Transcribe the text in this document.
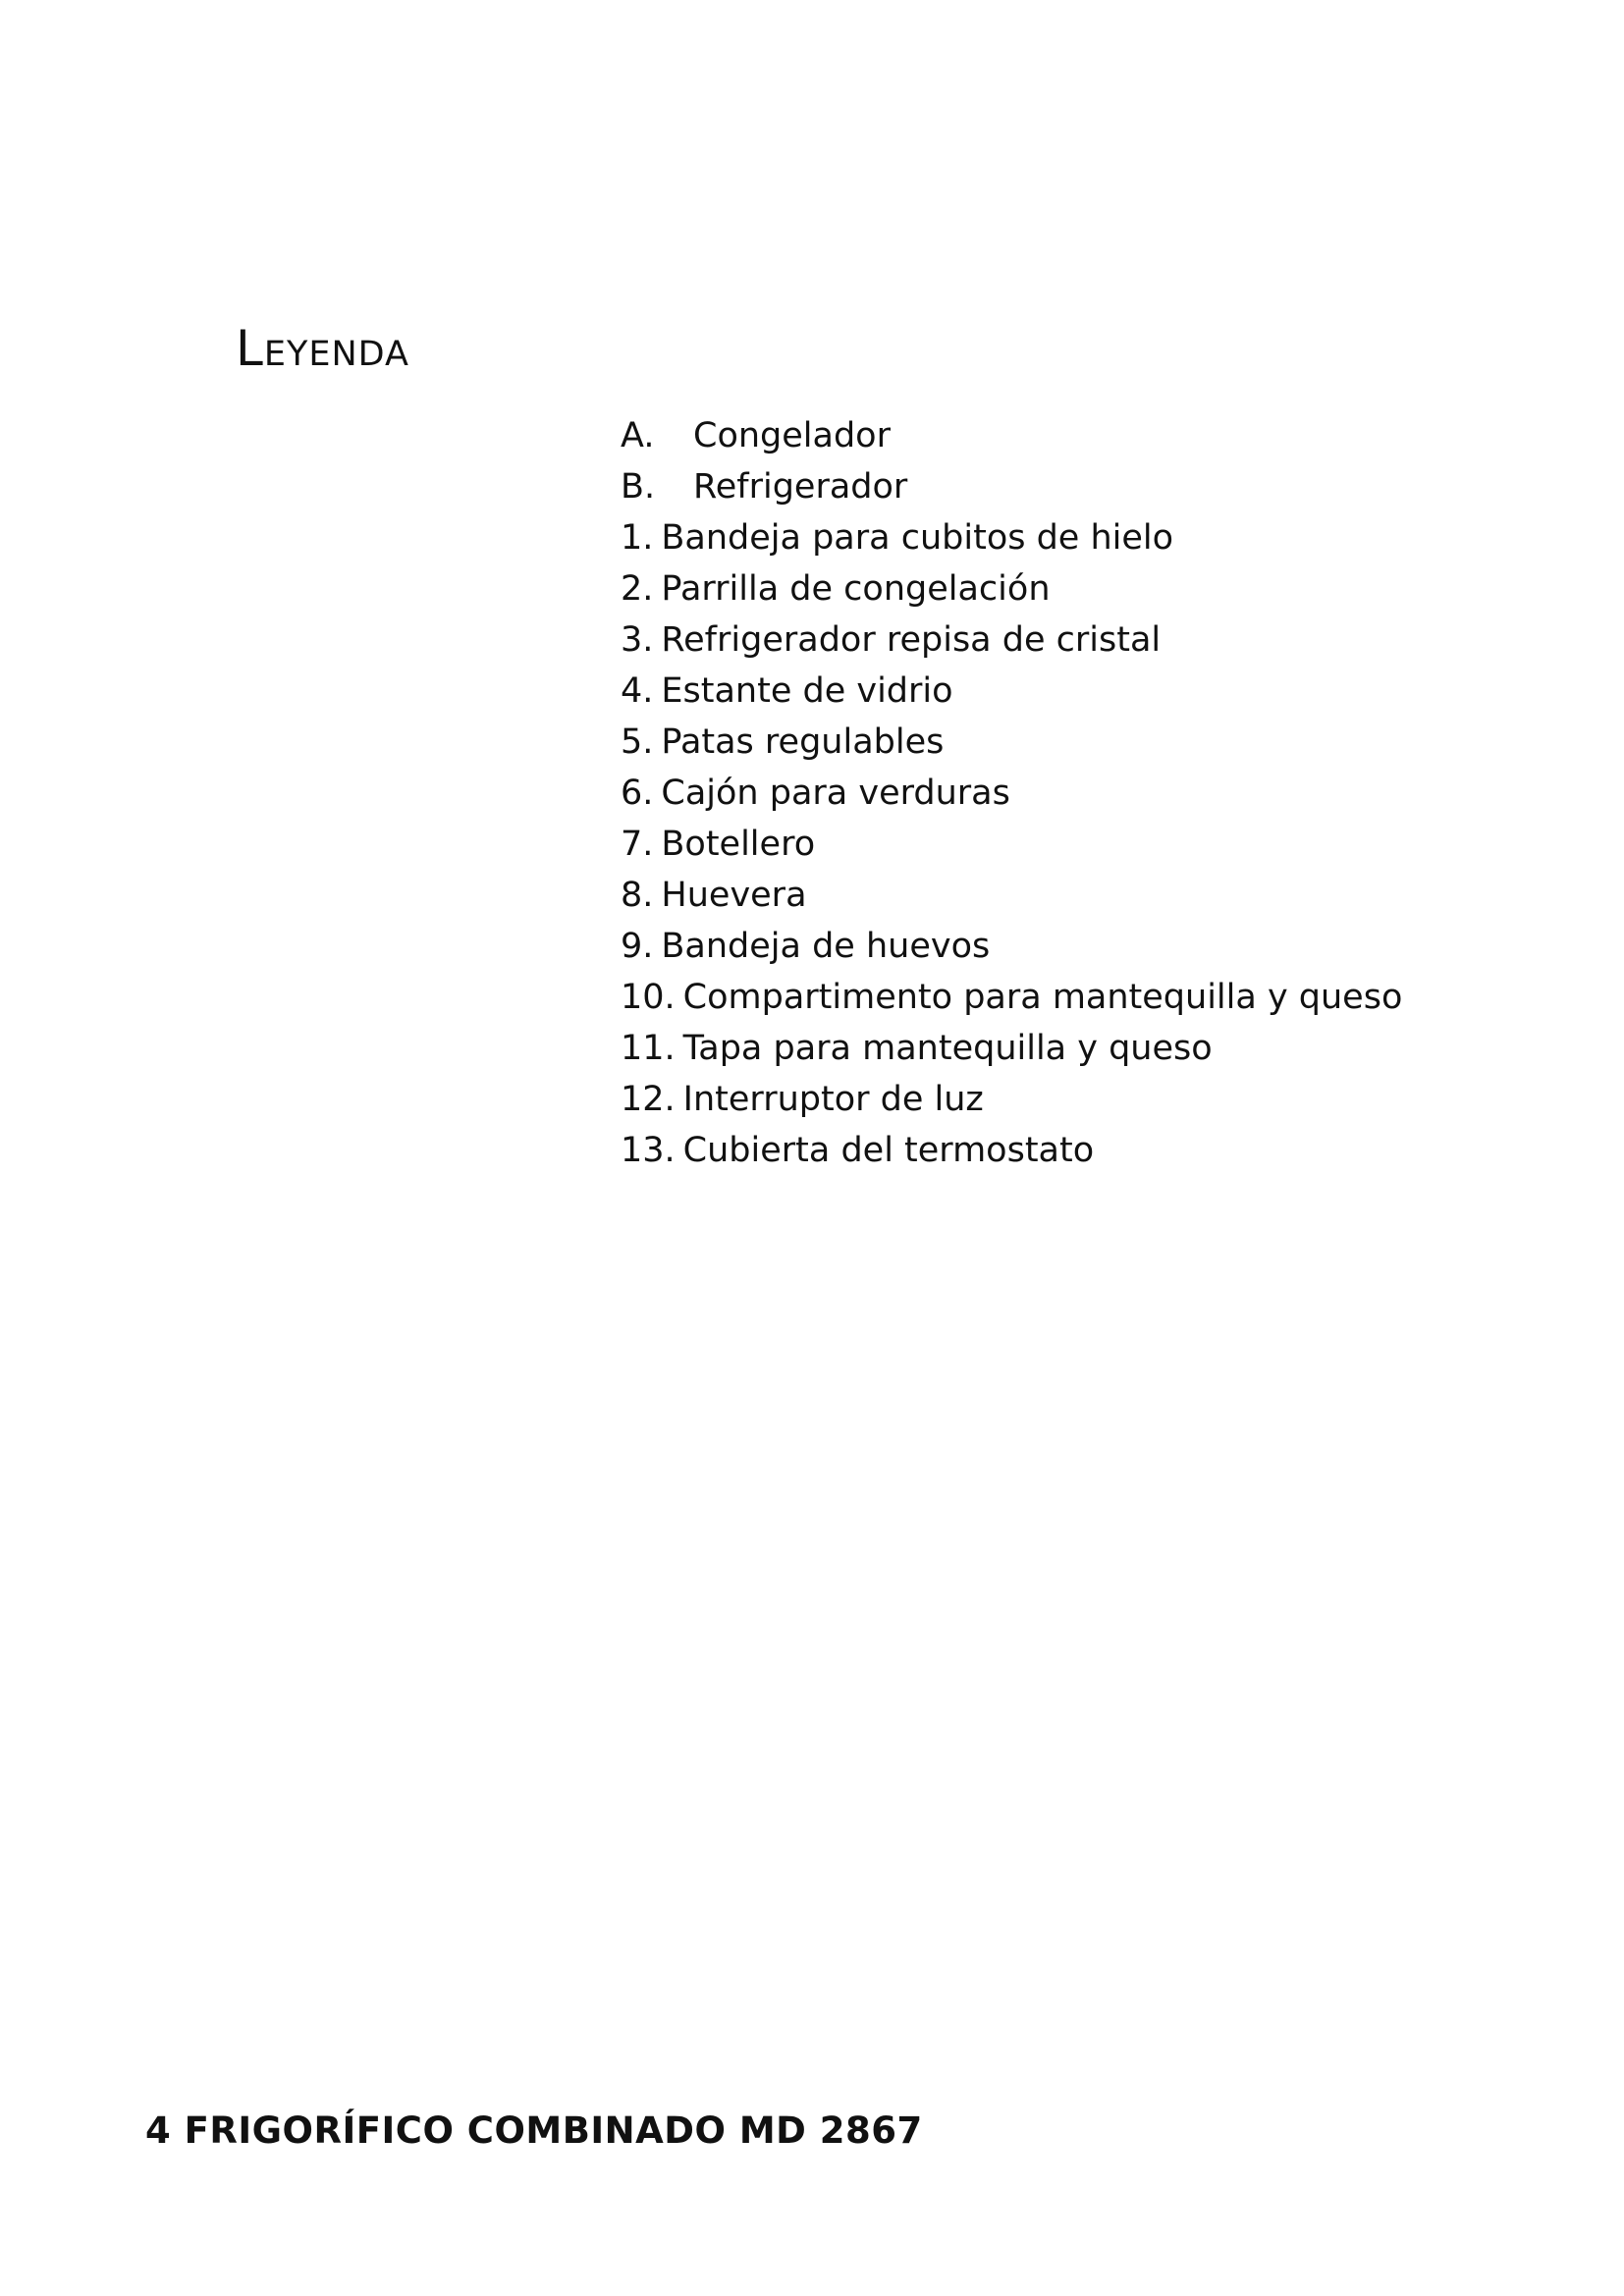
Leyenda
A. Congelador
B. Refrigerador
1. Bandeja para cubitos de hielo
2. Parrilla de congelación
3. Refrigerador repisa de cristal
4. Estante de vidrio
5. Patas regulables
6. Cajón para verduras
7. Botellero
8. Huevera
9. Bandeja de huevos
10. Compartimento para mantequilla y queso
11. Tapa para mantequilla y queso
12. Interruptor de luz
13. Cubierta del termostato
4 FRIGORÍFICO COMBINADO MD 2867
